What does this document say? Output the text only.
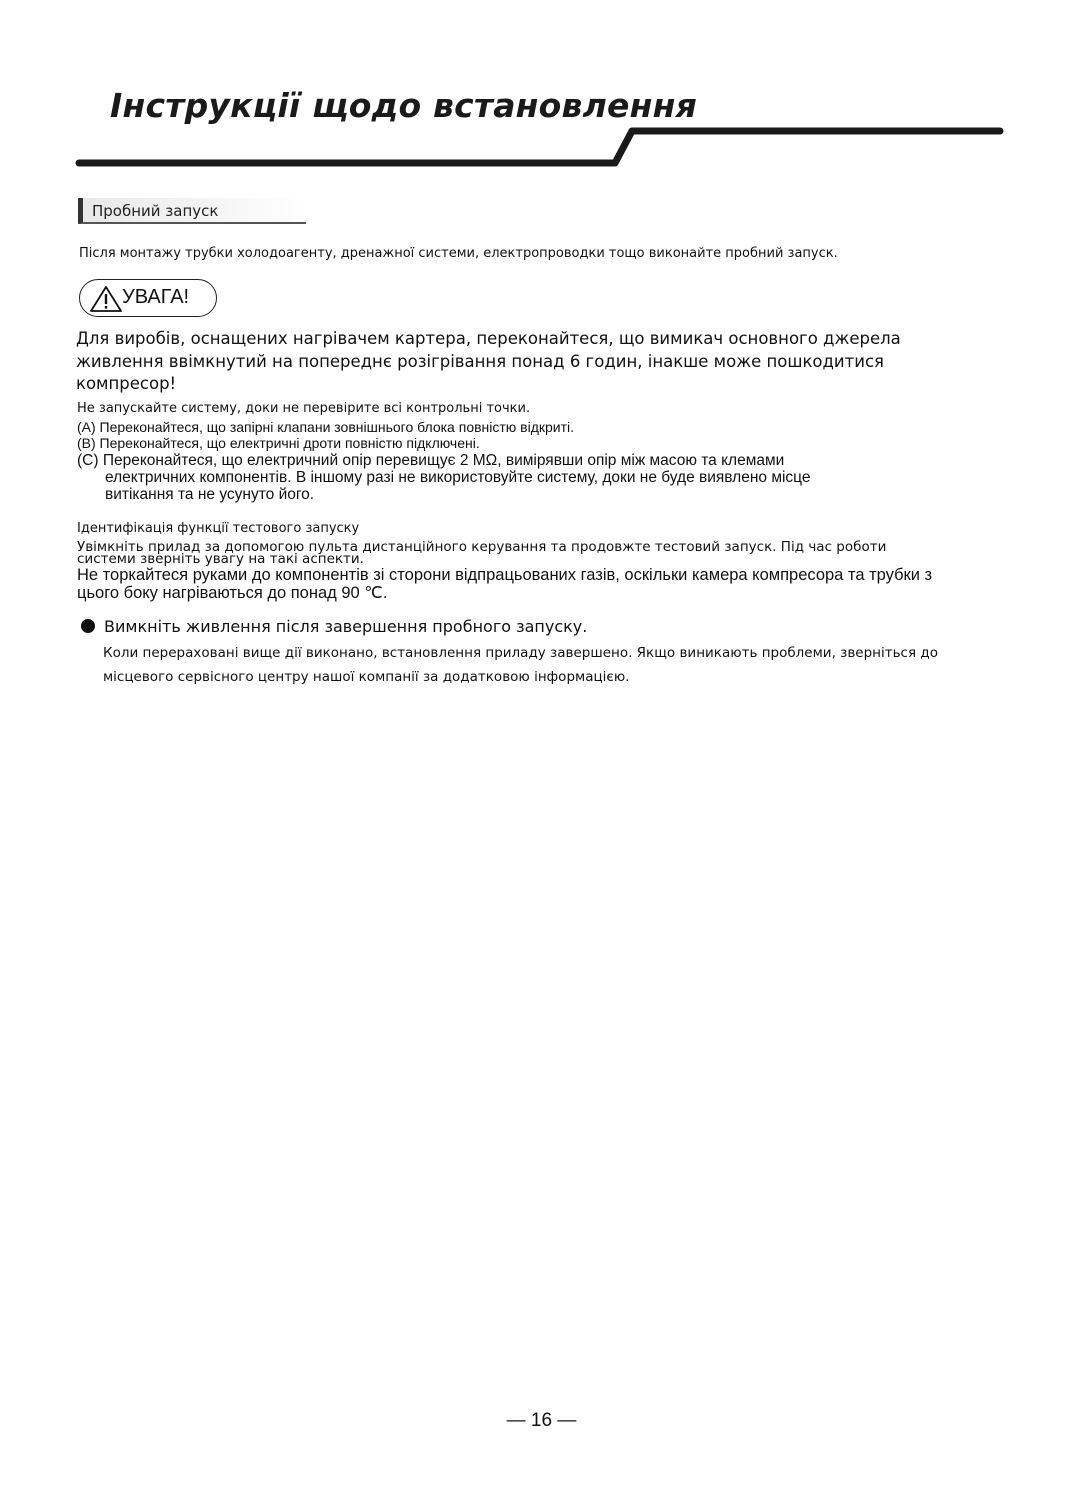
Інструкції щодо встановлення
Пробний запуск
Після монтажу трубки холодоагенту, дренажної системи, електропроводки тощо виконайте пробний запуск.
УВАГА!
Для виробів, оснащених нагрівачем картера, переконайтеся, що вимикач основного джерела
живлення ввімкнутий на попереднє розігрівання понад 6 годин, інакше може пошкодитися
компресор!
Не запускайте систему, доки не перевірите всі контрольні точки.
(А) Переконайтеся, що запірні клапани зовнішнього блока повністю відкриті.
(В) Переконайтеся, що електричні дроти повністю підключені.
(C) Переконайтеся, що електричний опір перевищує 2 MΩ, вимірявши опір між масою та клемами
електричних компонентів. В іншому разі не використовуйте систему, доки не буде виявлено місце
витікання та не усунуто його.
Ідентифікація функції тестового запуску
Увімкніть прилад за допомогою пульта дистанційного керування та продовжте тестовий запуск. Під час роботи
системи зверніть увагу на такі аспекти.
Не торкайтеся руками до компонентів зі сторони відпрацьованих газів, оскільки камера компресора та трубки з
цього боку нагріваються до понад 90 ℃.
Вимкніть живлення після завершення пробного запуску.
Коли перераховані вище дії виконано, встановлення приладу завершено. Якщо виникають проблеми, зверніться до
місцевого сервісного центру нашої компанії за додатковою інформацією.
— 16 —
